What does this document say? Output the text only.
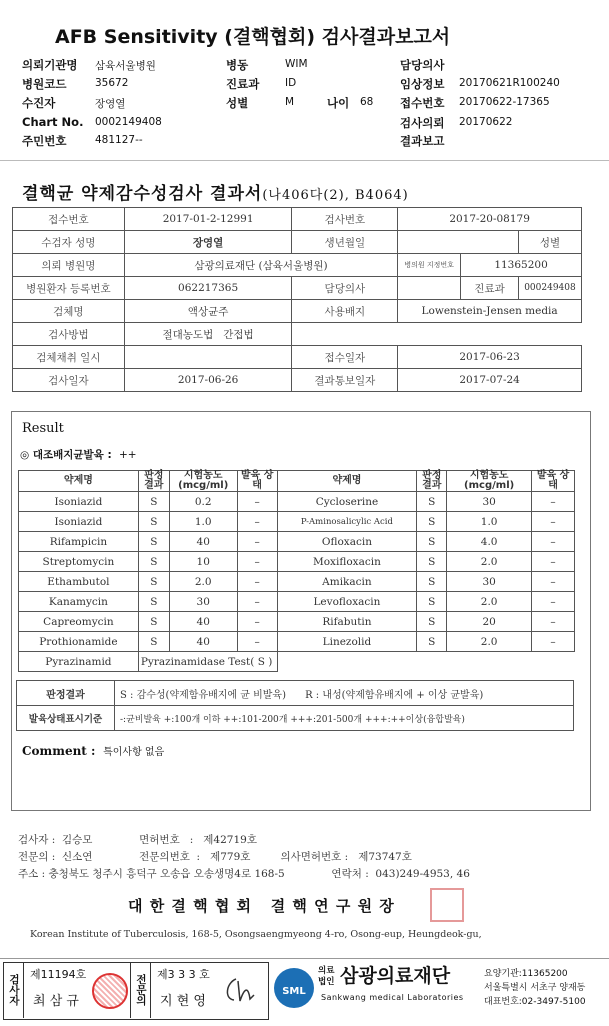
AFB Sensitivity (결핵협회) 검사결과보고서
의뢰기관명 삼육서울병원	병동	WIM	담당의사
병원코드	35672	진료과 ID	임상정보 20170621R100240
수진자	장영열	성별	M	나이 68 접수번호 20170622-17365
Chart No. 0002149408	검사의뢰 20170622
주민번호	481127--	결과보고
결핵균 약제감수성검사 결과서(나406다(2), B4064)
접수번호	2017-01-2-12991	검사번호	2017-20-08179		
수검자 성명	장영열	생년월일			성별
의뢰 병원명	삼광의료재단 (삼육서울병원)		병의원 지정번호	11365200	
병원환자 등록번호	062217365	담당의사		진료과	000249408
검체명	액상균주	사용배지	Lowenstein-Jensen media		
검사방법	절대농도법 간접법				
검체채취 일시		접수일자	2017-06-23		
검사일자	2017-06-26	결과통보일자	2017-07-24		
Result
◎ 대조배지균발육 : ++
약제명	판정 결과	시험농도 (mcg/ml)	발육 상태	약제명	판정 결과	시험농도 (mcg/ml)	발육 상태
Isoniazid	S	0.2	–	Cycloserine	S	30	–
Isoniazid	S	1.0	–	P-Aminosalicylic Acid	S	1.0	–
Rifampicin	S	40	–	Ofloxacin	S	4.0	–
Streptomycin	S	10	–	Moxifloxacin	S	2.0	–
Ethambutol	S	2.0	–	Amikacin	S	30	–
Kanamycin	S	30	–	Levofloxacin	S	2.0	–
Capreomycin	S	40	–	Rifabutin	S	20	–
Prothionamide	S	40	–	Linezolid	S	2.0	–
Pyrazinamid	Pyrazinamidase Test( S )						
판정결과	S : 감수성(약제함유배지에 균 비발육) R : 내성(약제함유배지에 + 이상 균발육)
발육상태표시기준	-:균비발육 +:100개 이하 ++:101-200개 +++:201-500개 +++:++이상(융합발육)
Comment : 특이사항 없음
검사자 :  김승모              면허번호   :   제42719호
전문의 :  신소연              전문의번호  :   제779호         의사면허번호 :   제73747호
주소 : 충청북도 청주시 흥덕구 오송읍 오송생명4로 168-5              연락처 :  043)249-4953, 46
대 한 결 핵 협 회   결 핵 연 구 원 장
Korean Institute of Tuberculosis, 168-5, Osongsaengmyeong 4-ro, Osong-eup, Heungdeok-gu,
검사자 제11194호
최 삼 규	전문의 제3 3 3 호
지 현 영
SML
의료 법인 삼광의료재단
Sankwang medical Laboratories
요양기관:11365200
서울특별시 서초구 양재동
대표번호:02-3497-5100
